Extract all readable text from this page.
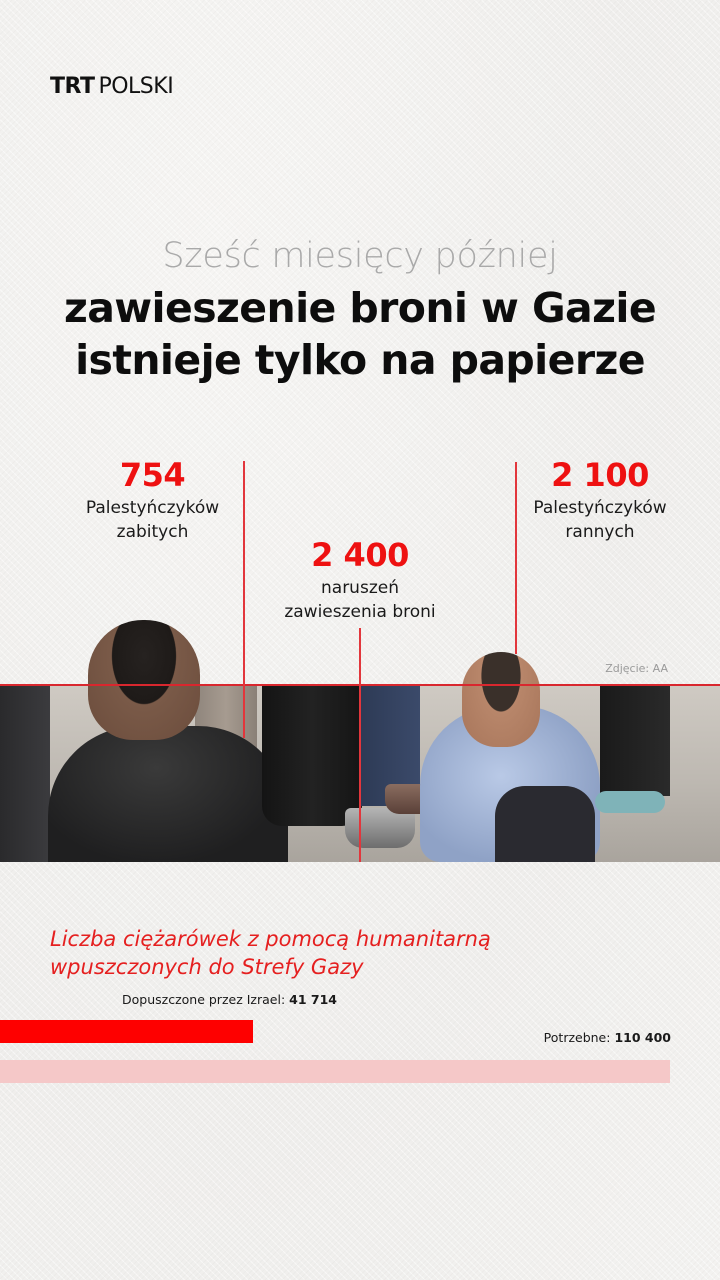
TRT POLSKI
Sześć miesięcy później
zawieszenie broni w Gazie
istnieje tylko na papierze
754
Palestyńczyków
zabitych
2 400
naruszeń
zawieszenia broni
2 100
Palestyńczyków
rannych
Zdjęcie: AA
Liczba ciężarówek z pomocą humanitarną
wpuszczonych do Strefy Gazy
Dopuszczone przez Izrael: 41 714
Potrzebne: 110 400
